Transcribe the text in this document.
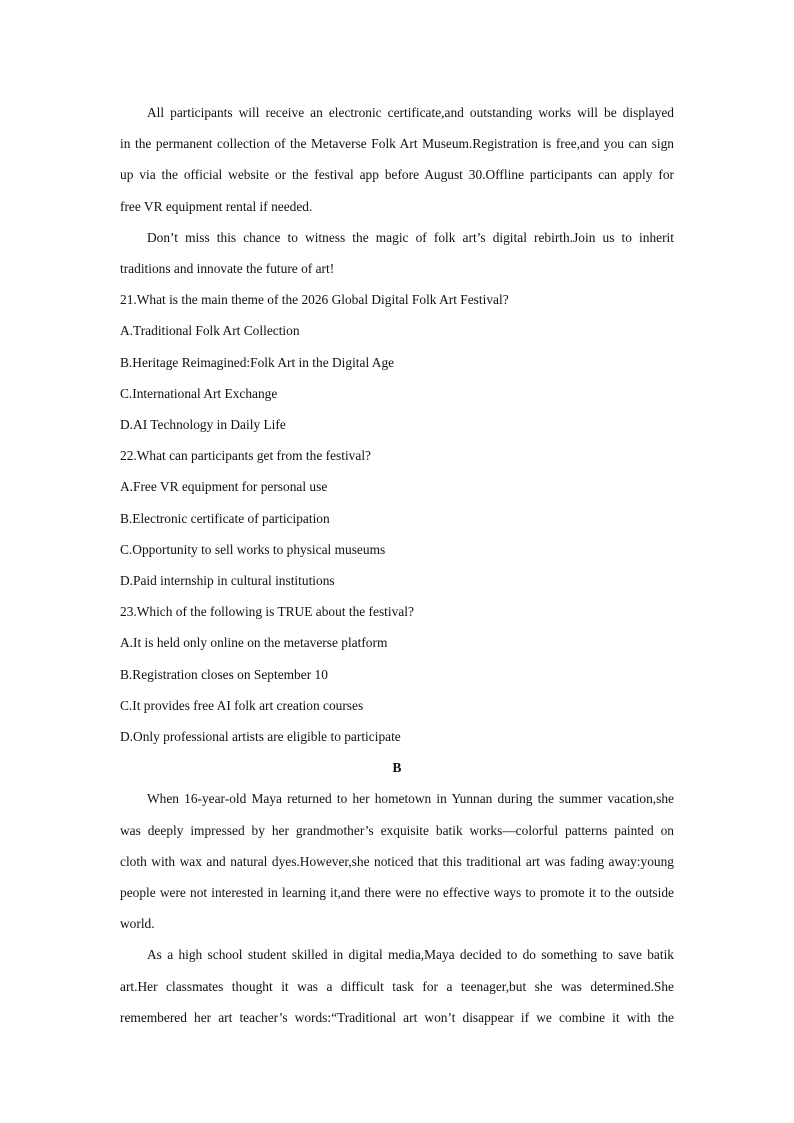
All participants will receive an electronic certificate,and outstanding works will be displayed
in the permanent collection of the Metaverse Folk Art Museum.Registration is free,and you can sign
up via the official website or the festival app before August 30.Offline participants can apply for
free VR equipment rental if needed.
Don’t miss this chance to witness the magic of folk art’s digital rebirth.Join us to inherit
traditions and innovate the future of art!

21.What is the main theme of the 2026 Global Digital Folk Art Festival?

A.Traditional Folk Art Collection

B.Heritage Reimagined:Folk Art in the Digital Age

C.International Art Exchange

D.AI Technology in Daily Life

22.What can participants get from the festival?

A.Free VR equipment for personal use

B.Electronic certificate of participation

C.Opportunity to sell works to physical museums

D.Paid internship in cultural institutions

23.Which of the following is TRUE about the festival?

A.It is held only online on the metaverse platform

B.Registration closes on September 10

C.It provides free AI folk art creation courses

D.Only professional artists are eligible to participate

B

When 16-year-old Maya returned to her hometown in Yunnan during the summer vacation,she
was deeply impressed by her grandmother’s exquisite batik works—colorful patterns painted on
cloth with wax and natural dyes.However,she noticed that this traditional art was fading away:young
people were not interested in learning it,and there were no effective ways to promote it to the outside
world.
As a high school student skilled in digital media,Maya decided to do something to save batik
art.Her classmates thought it was a difficult task for a teenager,but she was determined.She
remembered her art teacher’s words:“Traditional art won’t disappear if we combine it with the
